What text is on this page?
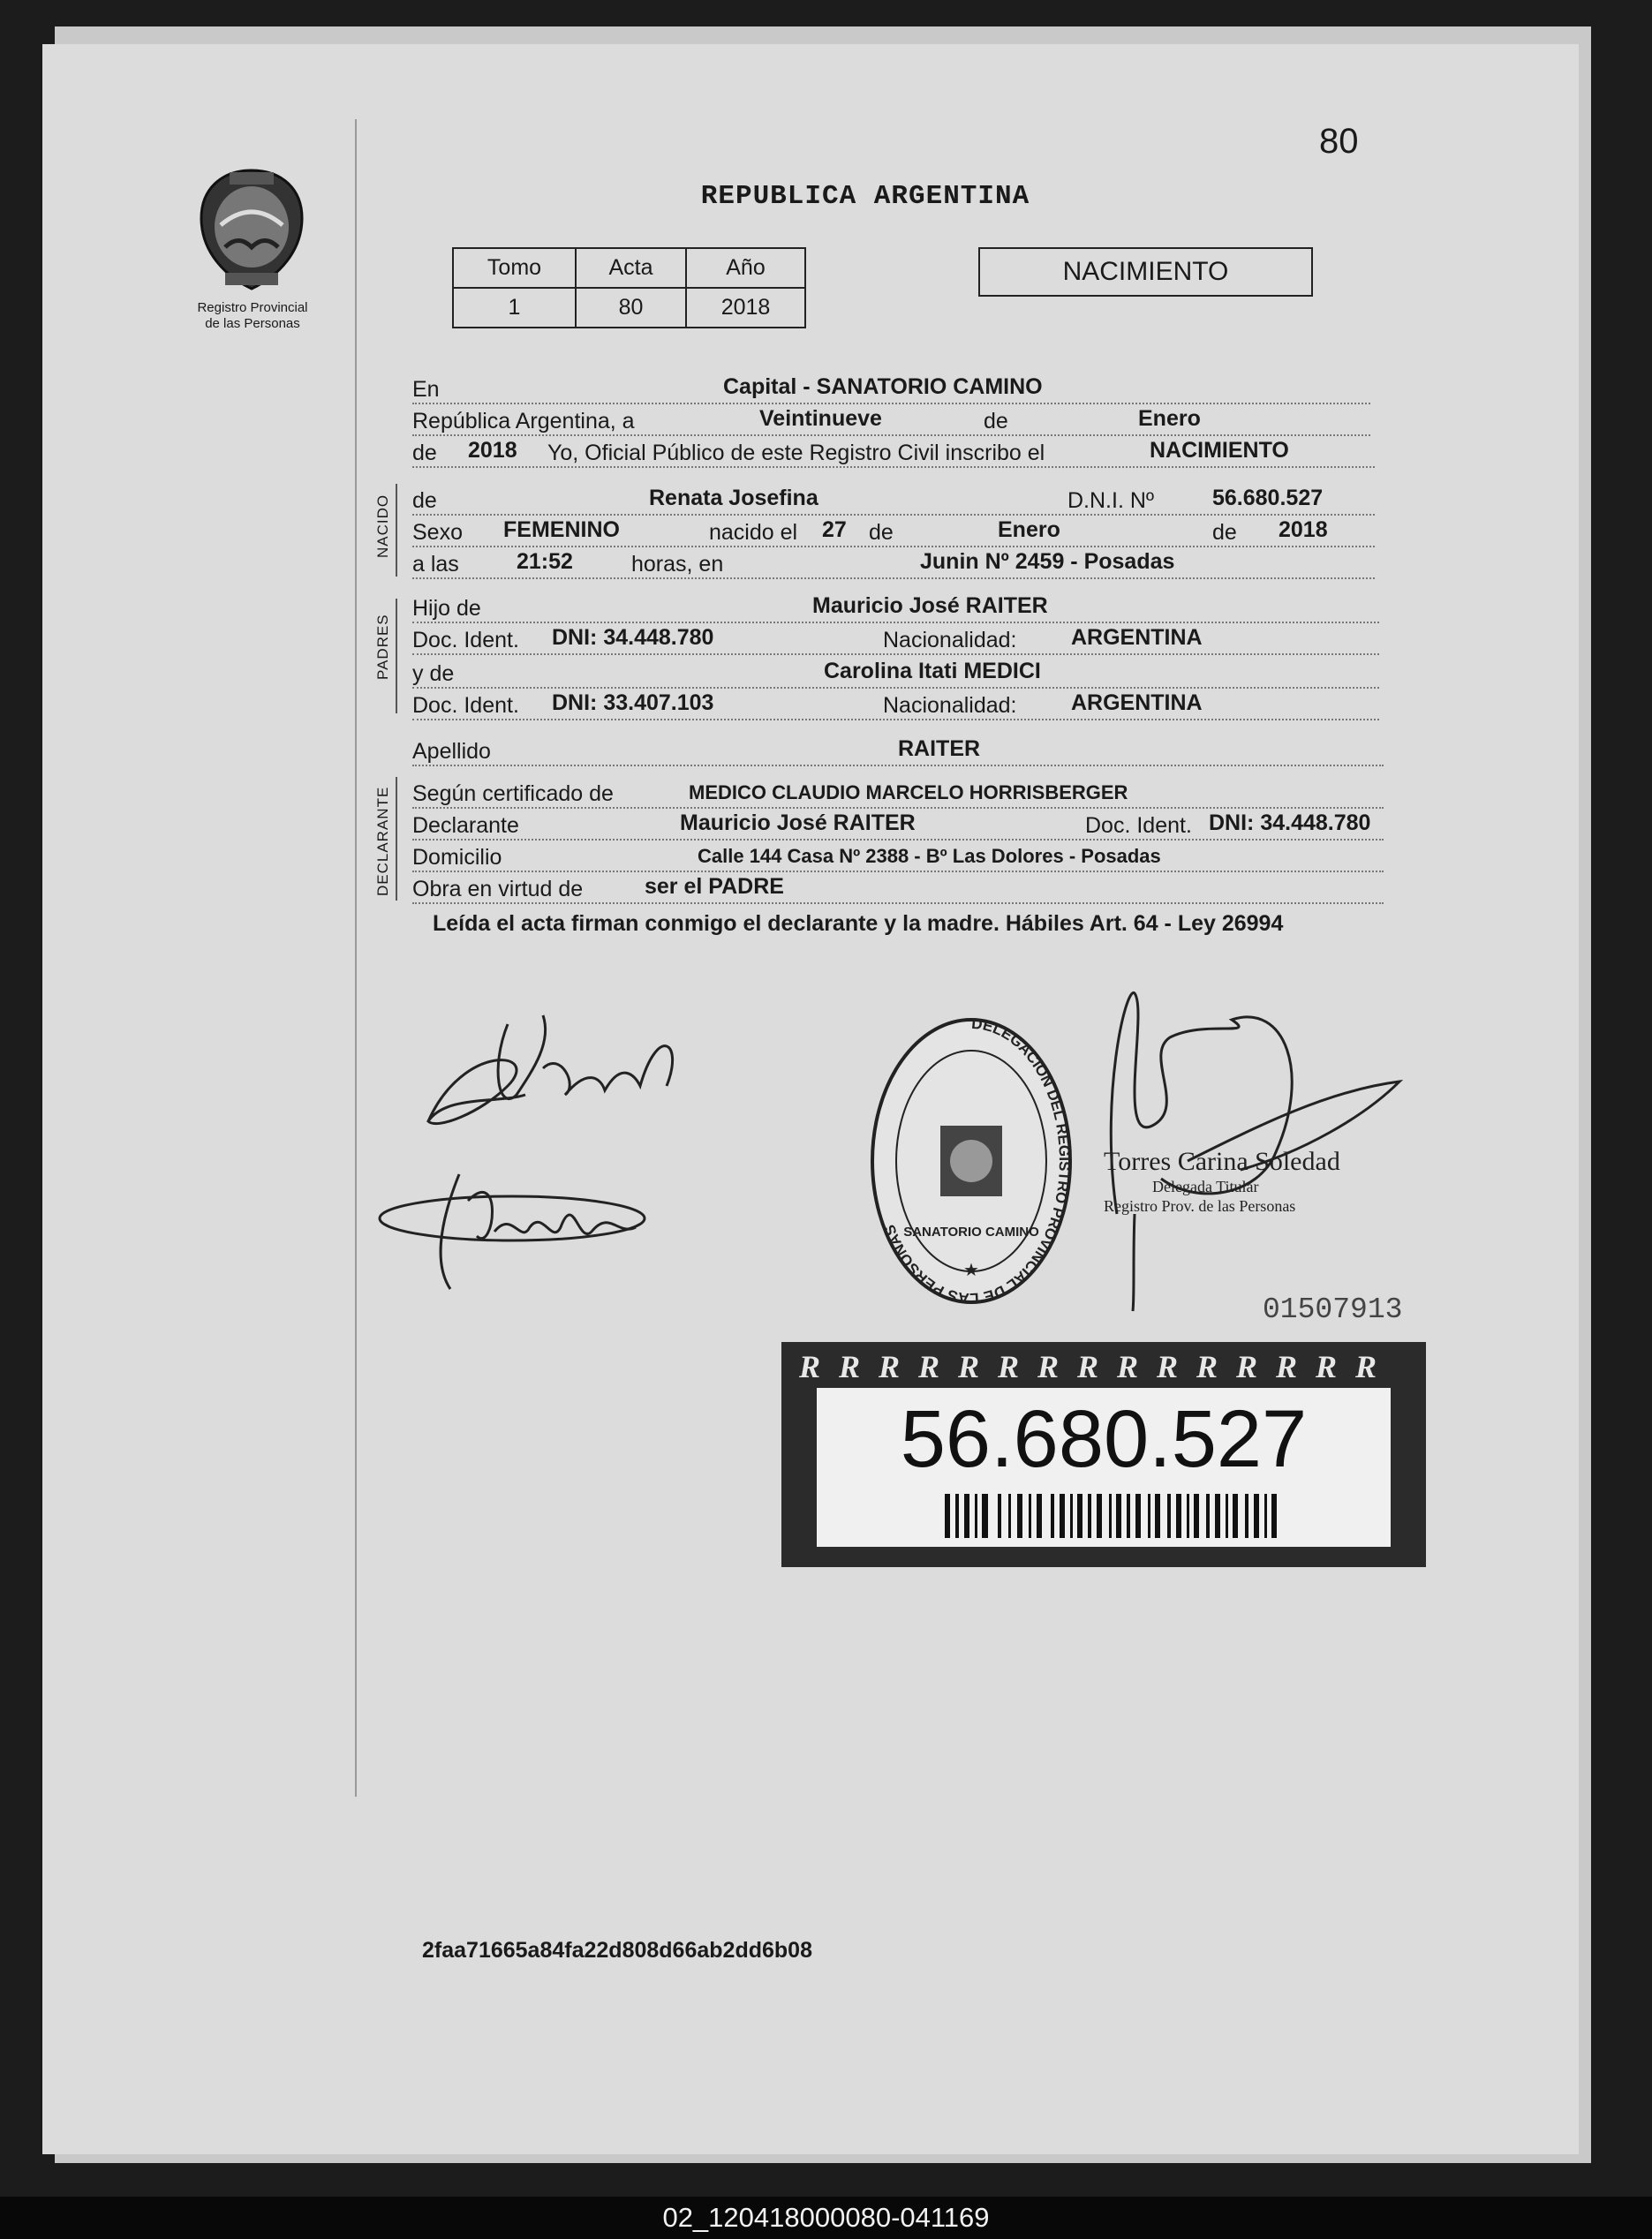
80
Registro Provincial
de las Personas
REPUBLICA ARGENTINA
Tomo	Acta	Año
1	80	2018
NACIMIENTO
NACIDO
PADRES
DECLARANTE
En	Capital - SANATORIO CAMINO
República Argentina, a	Veintinueve	de	Enero
de 2018 Yo, Oficial Público de este Registro Civil inscribo el	NACIMIENTO
de	Renata Josefina	D.N.I. Nº	56.680.527
Sexo FEMENINO	nacido el 27 de	Enero	de 2018
a las	21:52	horas, en	Junin Nº 2459 - Posadas
Hijo de	Mauricio José RAITER
Doc. Ident. DNI: 34.448.780	Nacionalidad: ARGENTINA
y de	Carolina Itati MEDICI
Doc. Ident. DNI: 33.407.103	Nacionalidad: ARGENTINA
Apellido	RAITER
Según certificado de	MEDICO CLAUDIO MARCELO HORRISBERGER
Declarante	Mauricio José RAITER	Doc. Ident. DNI: 34.448.780
Domicilio	Calle 144 Casa Nº 2388 - Bº Las Dolores - Posadas
Obra en virtud de	ser el PADRE
Leída el acta firman conmigo el declarante y la madre. Hábiles Art. 64 - Ley 26994
DELEGACION DEL REGISTRO PROVINCIAL DE LAS PERSONAS SANATORIO CAMINO
★
Torres Carina Soledad
Delegada Titular
Registro Prov. de las Personas
01507913
R R R R R R R R R R R R R R R
56.680.527
2faa71665a84fa22d808d66ab2dd6b08
02_120418000080-041169
